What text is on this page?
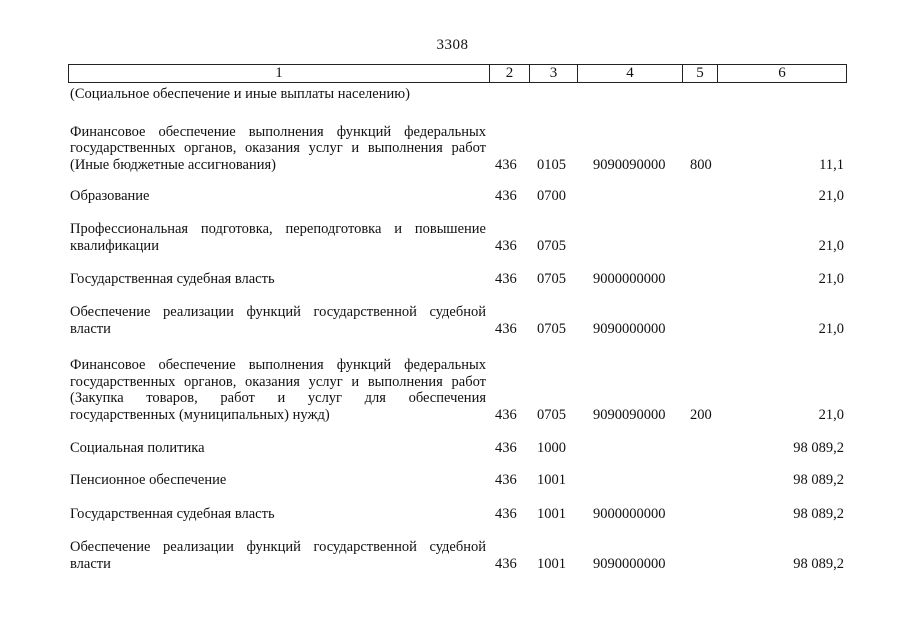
3308
1	2	3	4	5	6
(Социальное обеспечение и иные выплаты населению)
Финансовое обеспечение выполнения функций федеральных
государственных органов, оказания услуг и выполнения работ
(Иные бюджетные ассигнования)	436 0105 9090090000 800	11,1
Образование	436 0700	21,0
Профессиональная подготовка, переподготовка и повышение
квалификации	436 0705	21,0
Государственная судебная власть	436 0705 9000000000	21,0
Обеспечение реализации функций государственной судебной
власти	436 0705 9090000000	21,0
Финансовое обеспечение выполнения функций федеральных
государственных органов, оказания услуг и выполнения работ
(Закупка товаров, работ и услуг для обеспечения
государственных (муниципальных) нужд)	436 0705 9090090000 200	21,0
Социальная политика	436 1000	98 089,2
Пенсионное обеспечение	436 1001	98 089,2
Государственная судебная власть	436 1001 9000000000	98 089,2
Обеспечение реализации функций государственной судебной
власти	436 1001 9090000000	98 089,2
